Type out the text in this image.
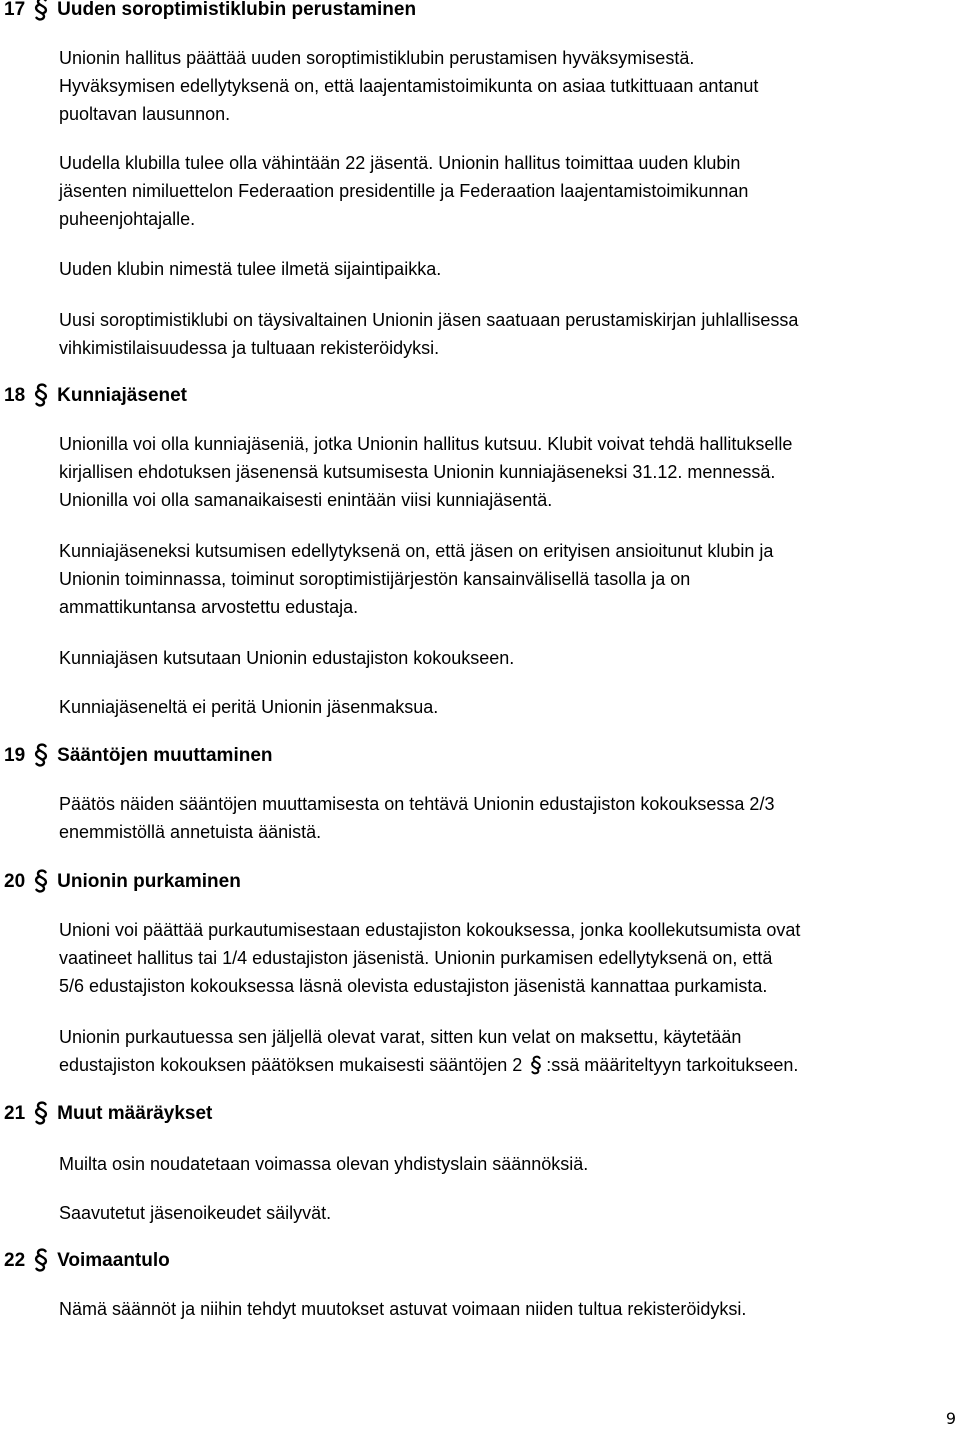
17 Uuden soroptimistiklubin perustaminen

Unionin hallitus päättää uuden soroptimistiklubin perustamisen hyväksymisestä.
Hyväksymisen edellytyksenä on, että laajentamistoimikunta on asiaa tutkittuaan antanut
puoltavan lausunnon.

Uudella klubilla tulee olla vähintään 22 jäsentä. Unionin hallitus toimittaa uuden klubin
jäsenten nimiluettelon Federaation presidentille ja Federaation laajentamistoimikunnan
puheenjohtajalle.

Uuden klubin nimestä tulee ilmetä sijaintipaikka.

Uusi soroptimistiklubi on täysivaltainen Unionin jäsen saatuaan perustamiskirjan juhlallisessa
vihkimistilaisuudessa ja tultuaan rekisteröidyksi.

18 Kunniajäsenet

Unionilla voi olla kunniajäseniä, jotka Unionin hallitus kutsuu. Klubit voivat tehdä hallitukselle
kirjallisen ehdotuksen jäsenensä kutsumisesta Unionin kunniajäseneksi 31.12. mennessä.
Unionilla voi olla samanaikaisesti enintään viisi kunniajäsentä.

Kunniajäseneksi kutsumisen edellytyksenä on, että jäsen on erityisen ansioitunut klubin ja
Unionin toiminnassa, toiminut soroptimistijärjestön kansainvälisellä tasolla ja on
ammattikuntansa arvostettu edustaja.

Kunniajäsen kutsutaan Unionin edustajiston kokoukseen.

Kunniajäseneltä ei peritä Unionin jäsenmaksua.

19 Sääntöjen muuttaminen

Päätös näiden sääntöjen muuttamisesta on tehtävä Unionin edustajiston kokouksessa 2/3
enemmistöllä annetuista äänistä.

20 Unionin purkaminen

Unioni voi päättää purkautumisestaan edustajiston kokouksessa, jonka koollekutsumista ovat
vaatineet hallitus tai 1/4 edustajiston jäsenistä. Unionin purkamisen edellytyksenä on, että
5/6 edustajiston kokouksessa läsnä olevista edustajiston jäsenistä kannattaa purkamista.

Unionin purkautuessa sen jäljellä olevat varat, sitten kun velat on maksettu, käytetään
edustajiston kokouksen päätöksen mukaisesti sääntöjen 2 :ssä määriteltyyn tarkoitukseen.

21 Muut määräykset

Muilta osin noudatetaan voimassa olevan yhdistyslain säännöksiä.

Saavutetut jäsenoikeudet säilyvät.

22 Voimaantulo

Nämä säännöt ja niihin tehdyt muutokset astuvat voimaan niiden tultua rekisteröidyksi.

9
